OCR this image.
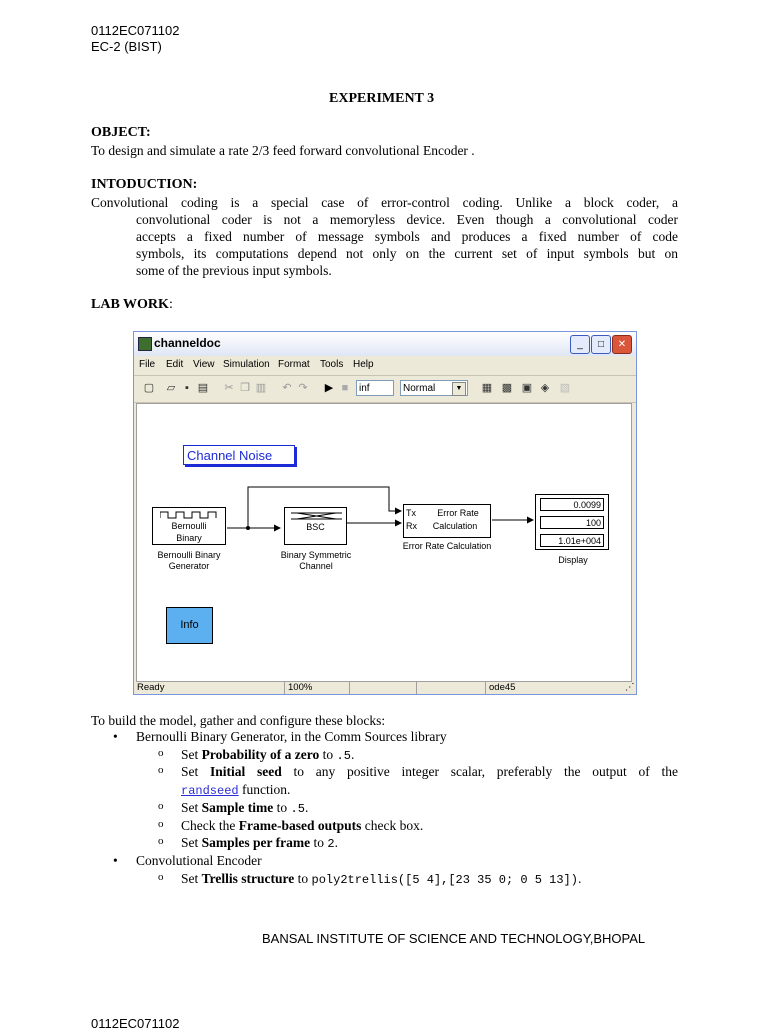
0112EC071102
EC-2 (BIST)
EXPERIMENT 3
OBJECT:
To design and simulate a rate 2/3 feed forward convolutional Encoder .
INTODUCTION:
Convolutional coding is a special case of error-control coding. Unlike a block coder, a
convolutional coder is not a memoryless device. Even though a convolutional coder
accepts a fixed number of message symbols and produces a fixed number of code
symbols, its computations depend not only on the current set of input symbols but on
some of the previous input symbols.
LAB WORK:
channeldoc	_	□	✕
File Edit View Simulation Format Tools Help
▢ ▱ ▪ ▤ ✂ ❐ ▥ ↶ ↷ ▶ ■	inf	Normal	▼	▦ ▩ ▣ ◈ ▧
Channel Noise
Bernoulli
Binary
Bernoulli Binary
Generator
BSC
Binary Symmetric
Channel
Tx
Rx
Error Rate
Calculation
Error Rate Calculation
0.0099
100
1.01e+004
Display
Info
Ready	100%	ode45	⋰
To build the model, gather and configure these blocks:
• Bernoulli Binary Generator, in the Comm Sources library
o Set Probability of a zero to .5.
o Set Initial seed to any positive integer scalar, preferably the output of the
randseed function.
o Set Sample time to .5.
o Check the Frame-based outputs check box.
o Set Samples per frame to 2.
• Convolutional Encoder
o Set Trellis structure to poly2trellis([5 4],[23 35 0; 0 5 13]).
BANSAL INSTITUTE OF SCIENCE AND TECHNOLOGY,BHOPAL
0112EC071102
